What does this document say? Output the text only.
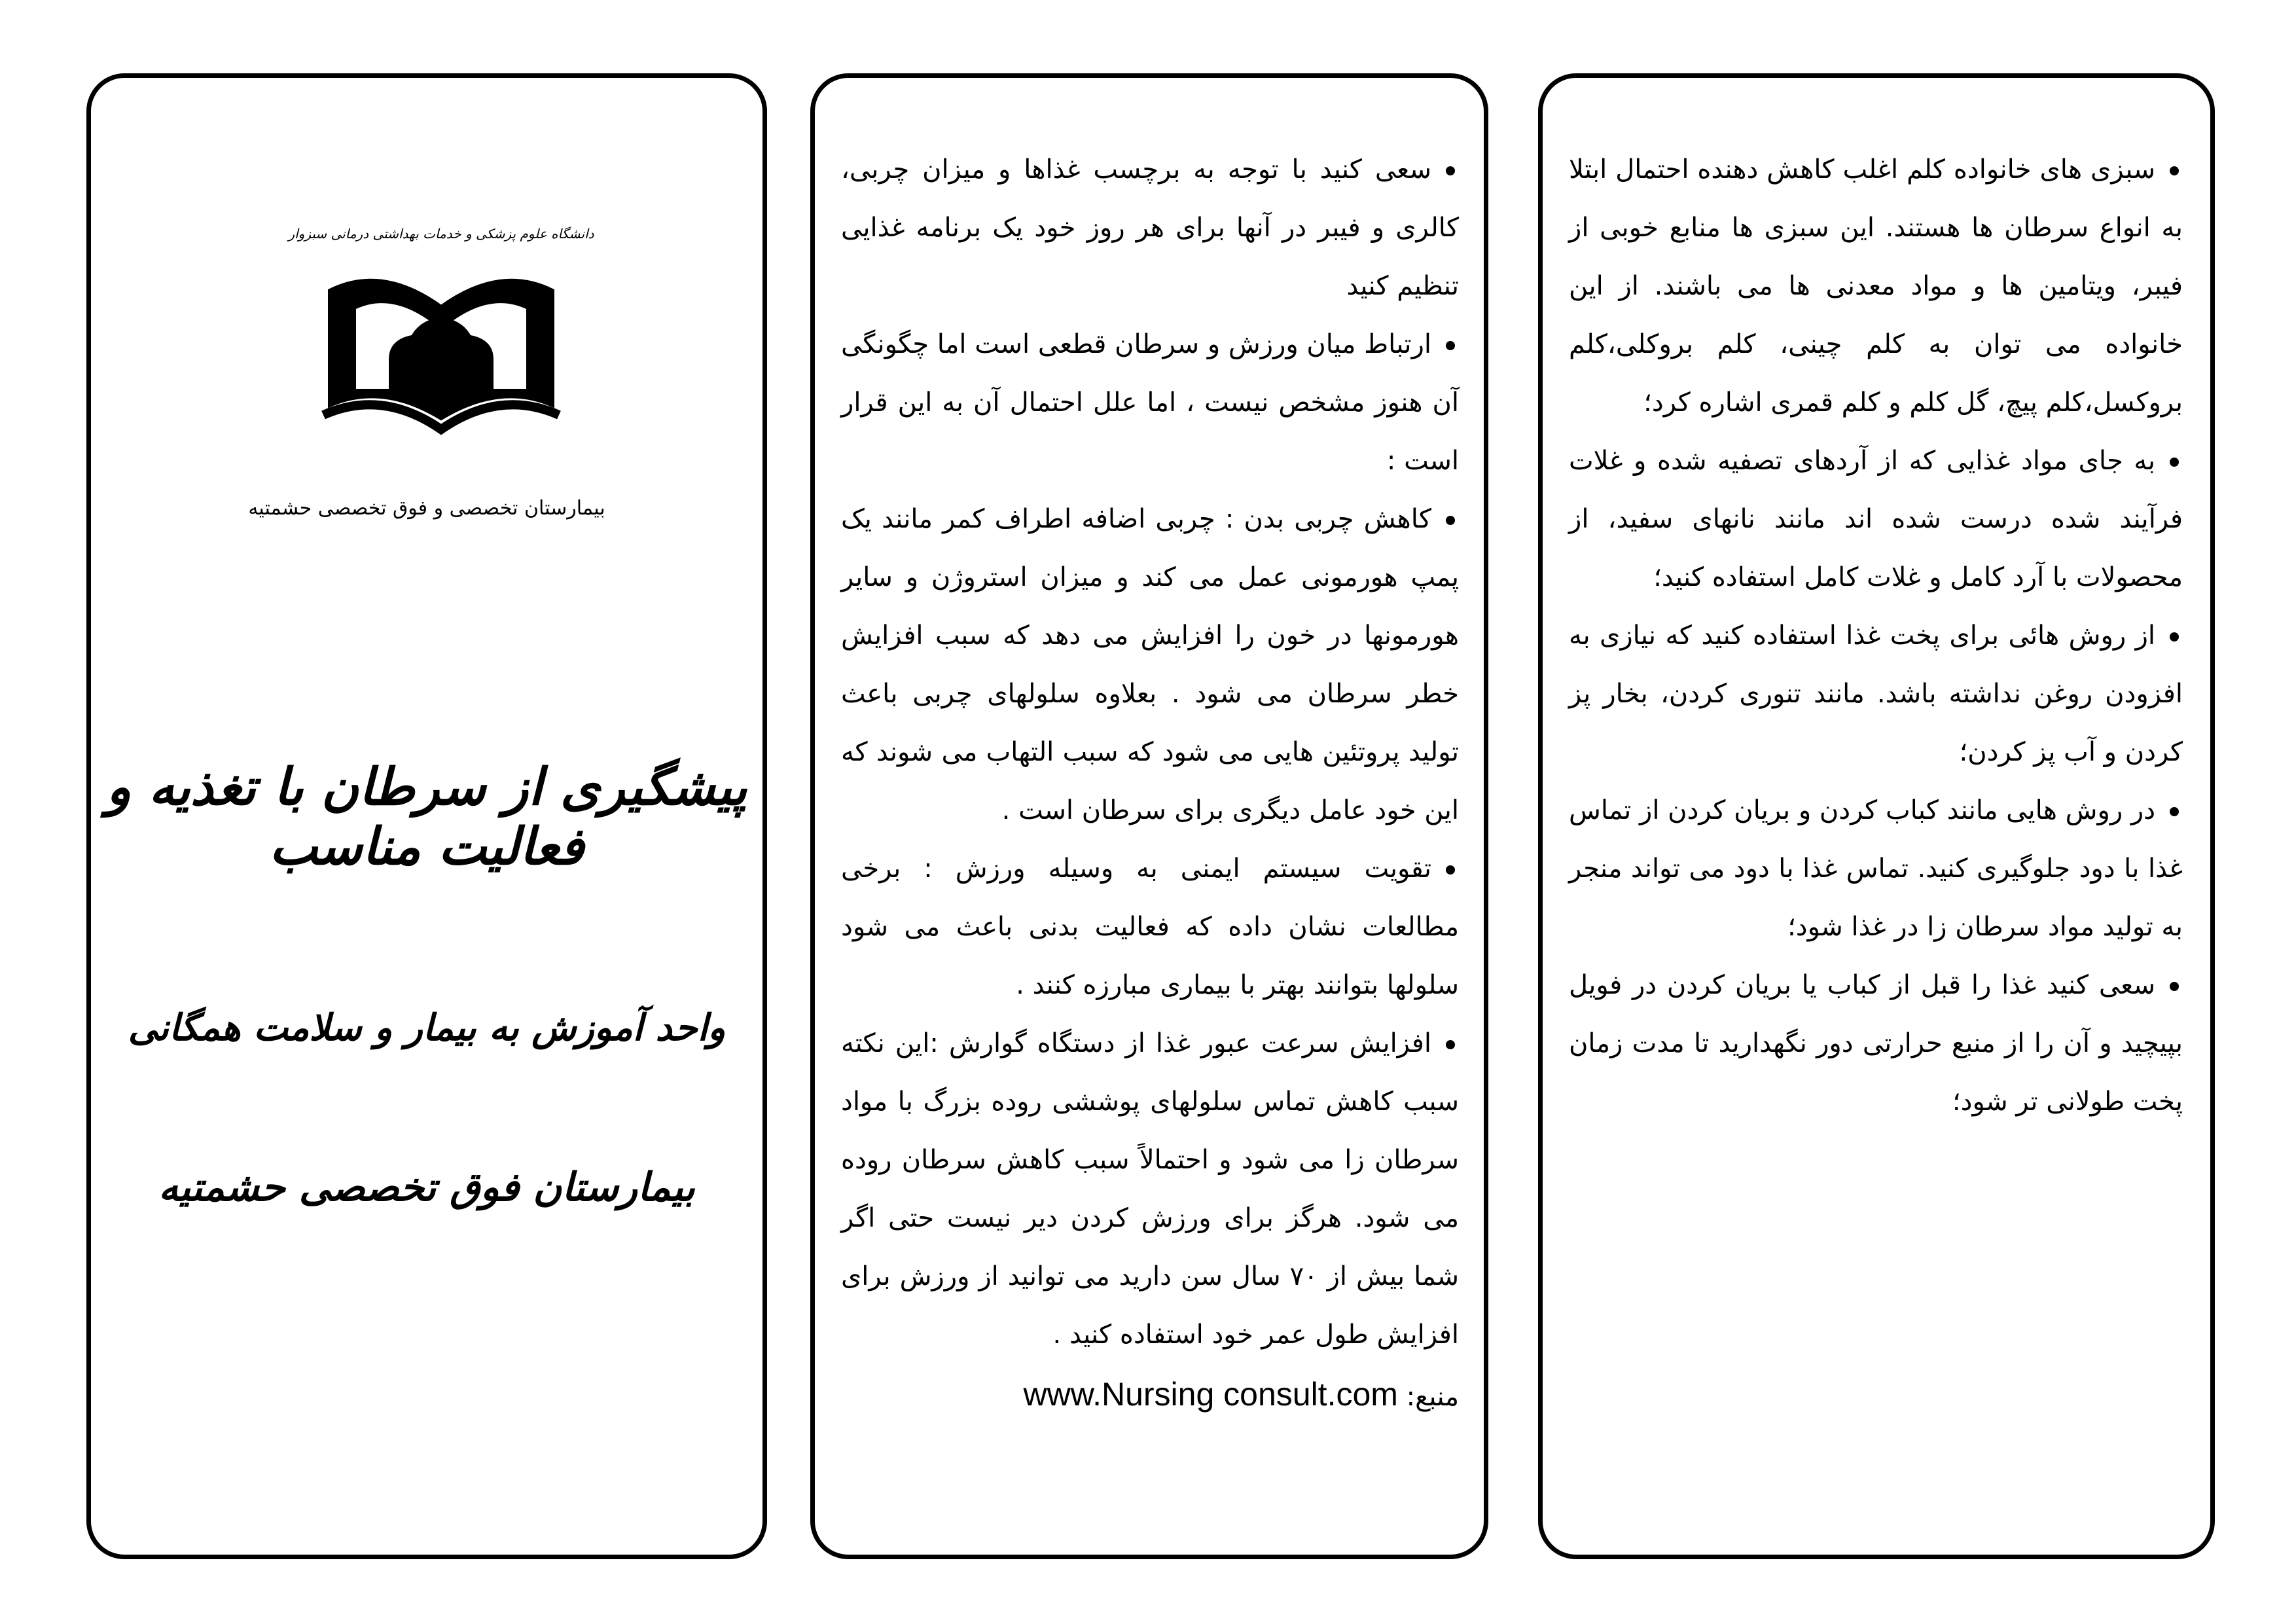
دانشگاه علوم پزشکی و خدمات بهداشتی درمانی سبزوار
بیمارستان تخصصی و فوق تخصصی حشمتیه
پیشگیری از سرطان با تغذیه و فعالیت مناسب
واحد آموزش به بیمار و سلامت همگانی
بیمارستان فوق تخصصی حشمتیه
سعی کنید با توجه به برچسب غذاها و میزان چربی، کالری و فیبر در آنها برای هر روز خود یک برنامه غذایی تنظیم کنید
ارتباط میان ورزش و سرطان قطعی است اما چگونگی آن هنوز مشخص نیست ، اما علل احتمال آن به این قرار است :
کاهش چربی بدن : چربی اضافه اطراف کمر مانند یک پمپ هورمونی عمل می کند و میزان استروژن و سایر هورمونها در خون را افزایش می دهد که سبب افزایش خطر سرطان می شود . بعلاوه سلولهای چربی باعث تولید پروتئین هایی می شود که سبب التهاب می شوند که این خود عامل دیگری برای سرطان است .
تقویت سیستم ایمنی به وسیله ورزش : برخی مطالعات نشان داده که فعالیت بدنی باعث می شود سلولها بتوانند بهتر با بیماری مبارزه کنند .
افزایش سرعت عبور غذا از دستگاه گوارش :این نکته سبب کاهش تماس سلولهای پوششی روده بزرگ با مواد سرطان زا می شود و احتمالاً سبب کاهش سرطان روده می شود. هرگز برای ورزش کردن دیر نیست حتی اگر شما بیش از ۷۰ سال سن دارید می توانید از ورزش برای افزایش طول عمر خود استفاده کنید .
منبع: www.Nursing consult.com
سبزی های خانواده کلم اغلب کاهش دهنده احتمال ابتلا به انواع سرطان ها هستند. این سبزی ها منابع خوبی از فیبر، ویتامین ها و مواد معدنی ها می باشند. از این خانواده می توان به کلم چینی، کلم بروکلی،کلم بروکسل،کلم پیچ، گل کلم و کلم قمری اشاره کرد؛
به جای مواد غذایی که از آردهای تصفیه شده و غلات فرآیند شده درست شده اند مانند نانهای سفید، از محصولات با آرد کامل و غلات کامل استفاده کنید؛
از روش هائی برای پخت غذا استفاده کنید که نیازی به افزودن روغن نداشته باشد. مانند تنوری کردن، بخار پز کردن و آب پز کردن؛
در روش هایی مانند کباب کردن و بریان کردن از تماس غذا با دود جلوگیری کنید. تماس غذا با دود می تواند منجر به تولید مواد سرطان زا در غذا شود؛
سعی کنید غذا را قبل از کباب یا بریان کردن در فویل بپیچید و آن را از منبع حرارتی دور نگهدارید تا مدت زمان پخت طولانی تر شود؛
